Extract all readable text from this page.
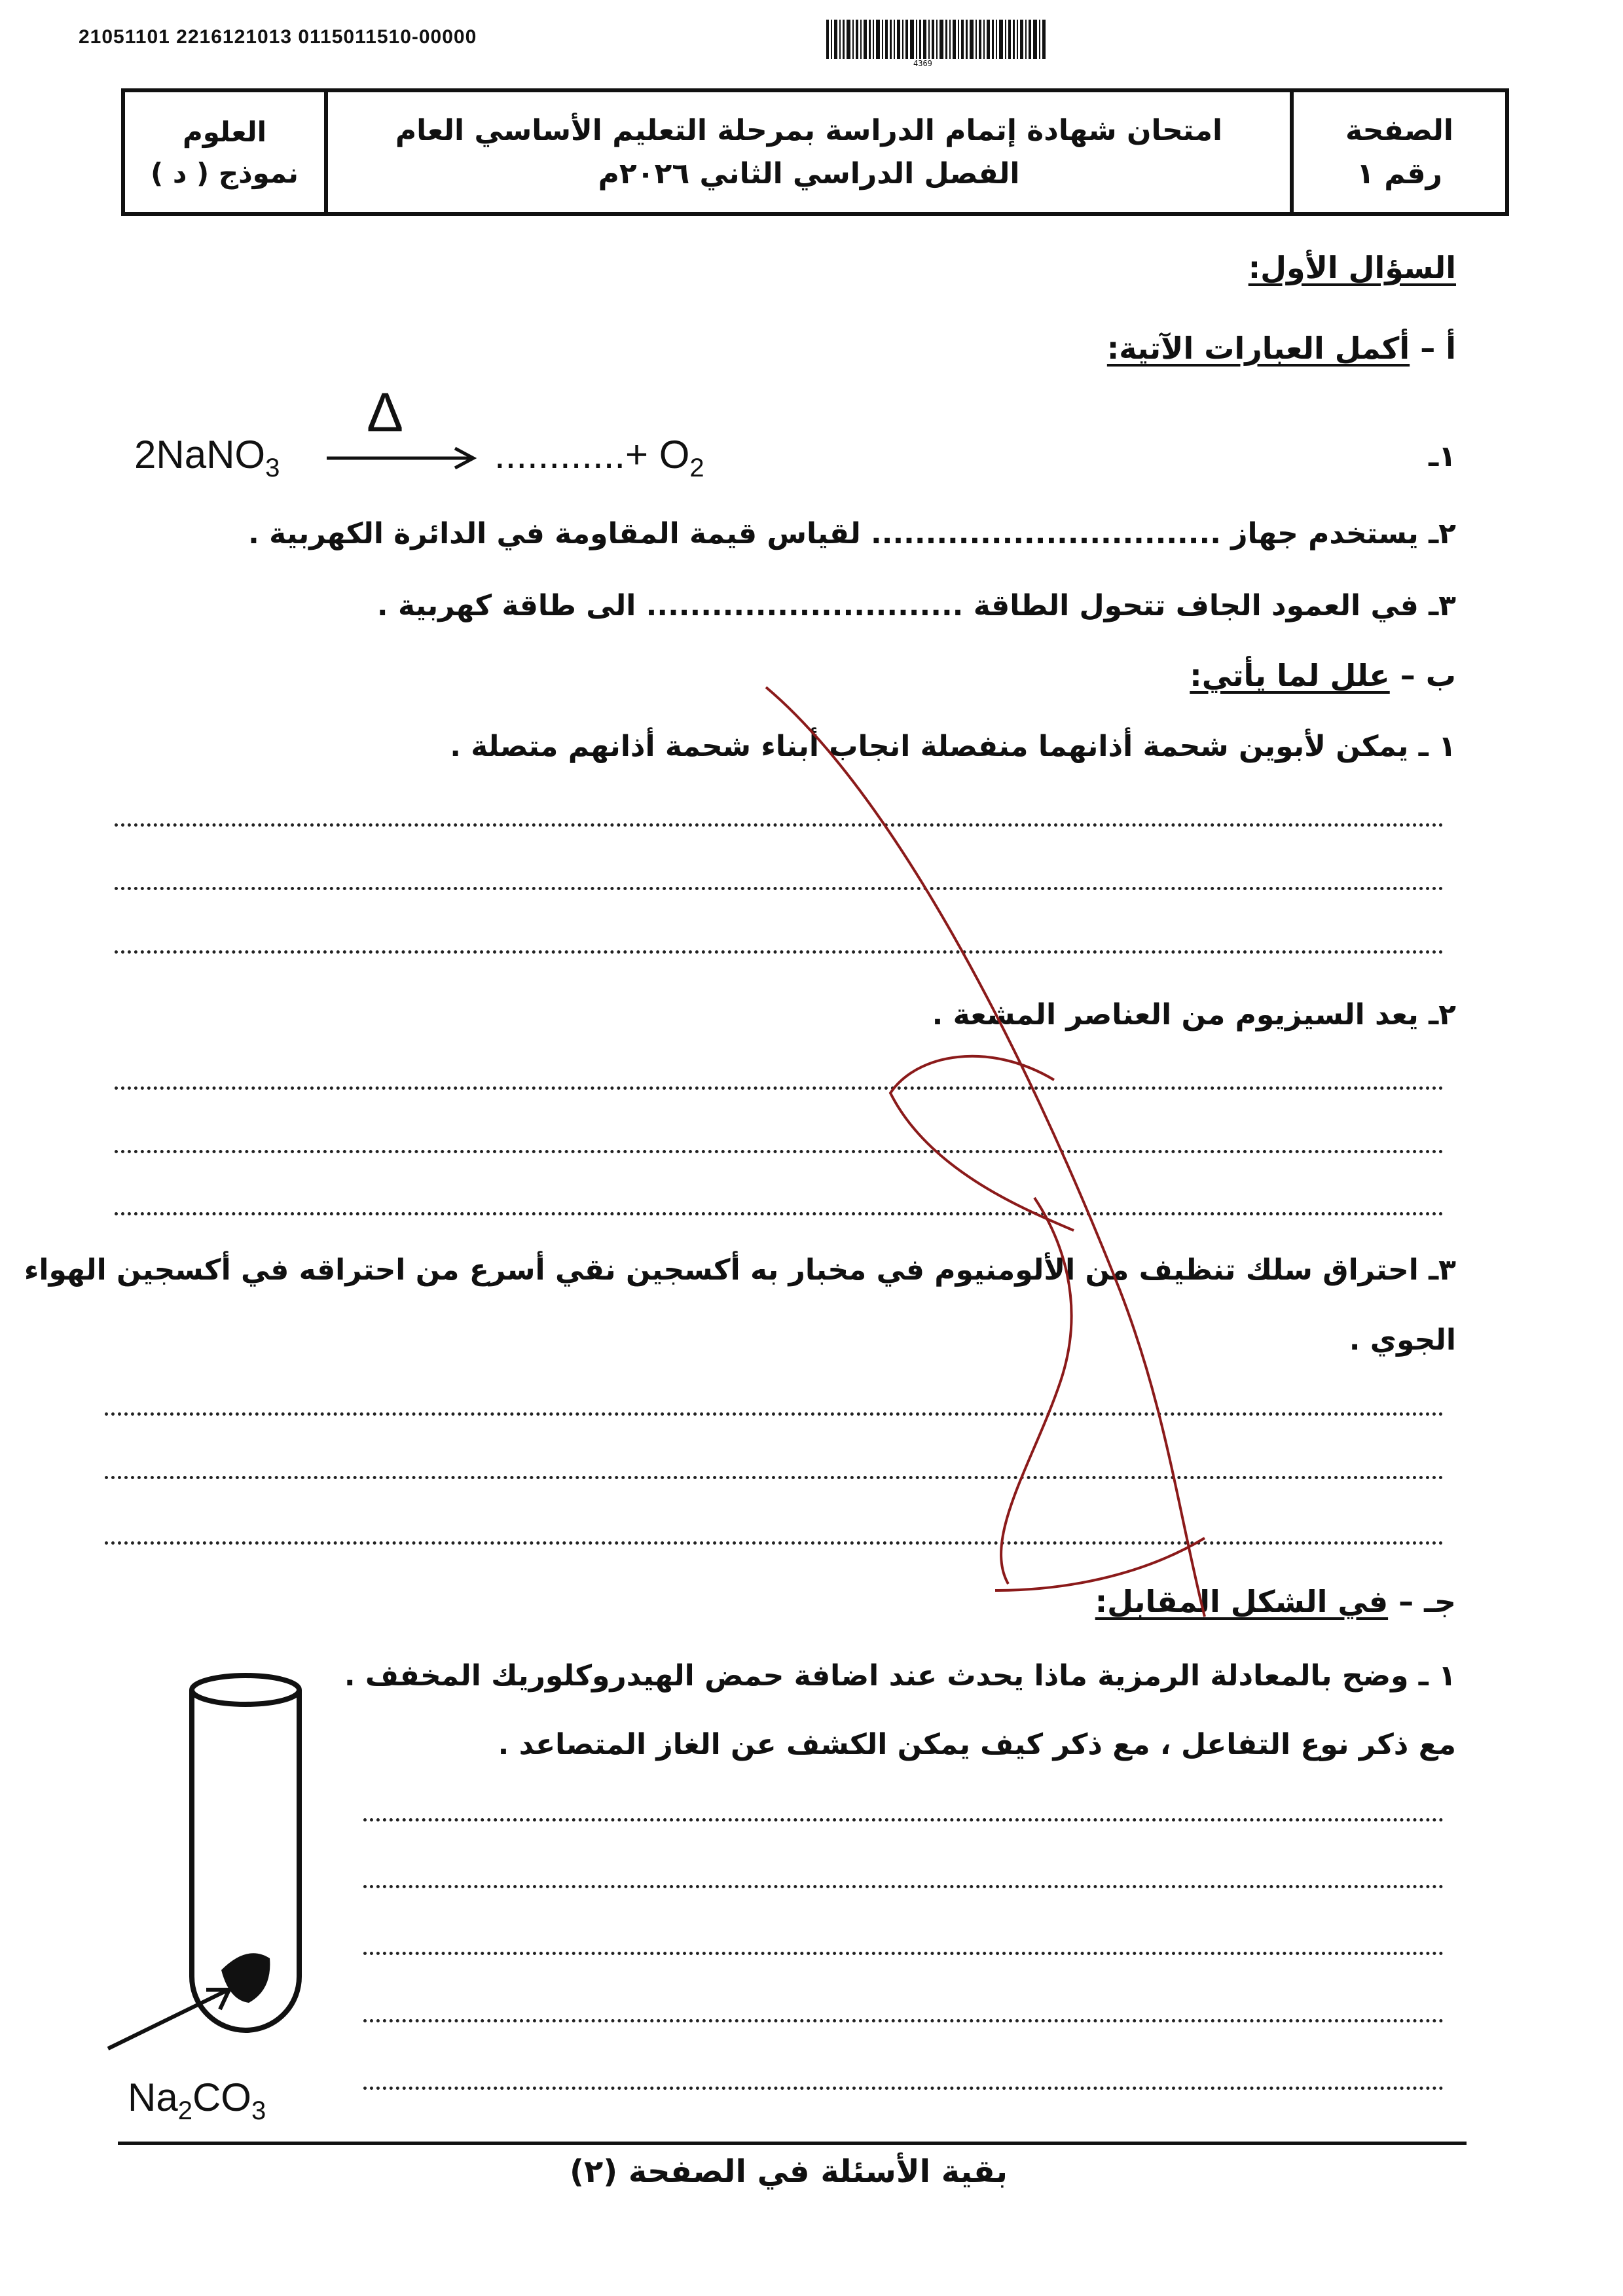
21051101 2216121013 0115011510-00000
4369
العلوم
نموذج ( د )
امتحان شهادة إتمام الدراسة بمرحلة التعليم الأساسي العام
الفصل الدراسي الثاني ٢٠٢٦م
الصفحة
رقم ١
السؤال الأول:
أ – أكمل العبارات الآتية:
١ـ
2NaNO$_3$
Δ
............+ $O_2$
٢ـ يستخدم جهاز ................................ لقياس قيمة المقاومة في الدائرة الكهربية .
٣ـ في العمود الجاف تتحول الطاقة ............................. الى طاقة كهربية .
ب – علل لما يأتي:
١ ـ يمكن لأبوين شحمة أذانهما منفصلة انجاب أبناء شحمة أذانهم متصلة .
٢ـ يعد السيزيوم من العناصر المشعة .
٣ـ احتراق سلك تنظيف من الألومنيوم في مخبار به أكسجين نقي أسرع من احتراقه في أكسجين الهواء
الجوي .
جـ – في الشكل المقابل:
١ ـ وضح بالمعادلة الرمزية ماذا يحدث عند اضافة حمض الهيدروكلوريك المخفف .
مع ذكر نوع التفاعل ، مع ذكر كيف يمكن الكشف عن الغاز المتصاعد .
$Na_2CO_3$
بقية الأسئلة في الصفحة (٢)
